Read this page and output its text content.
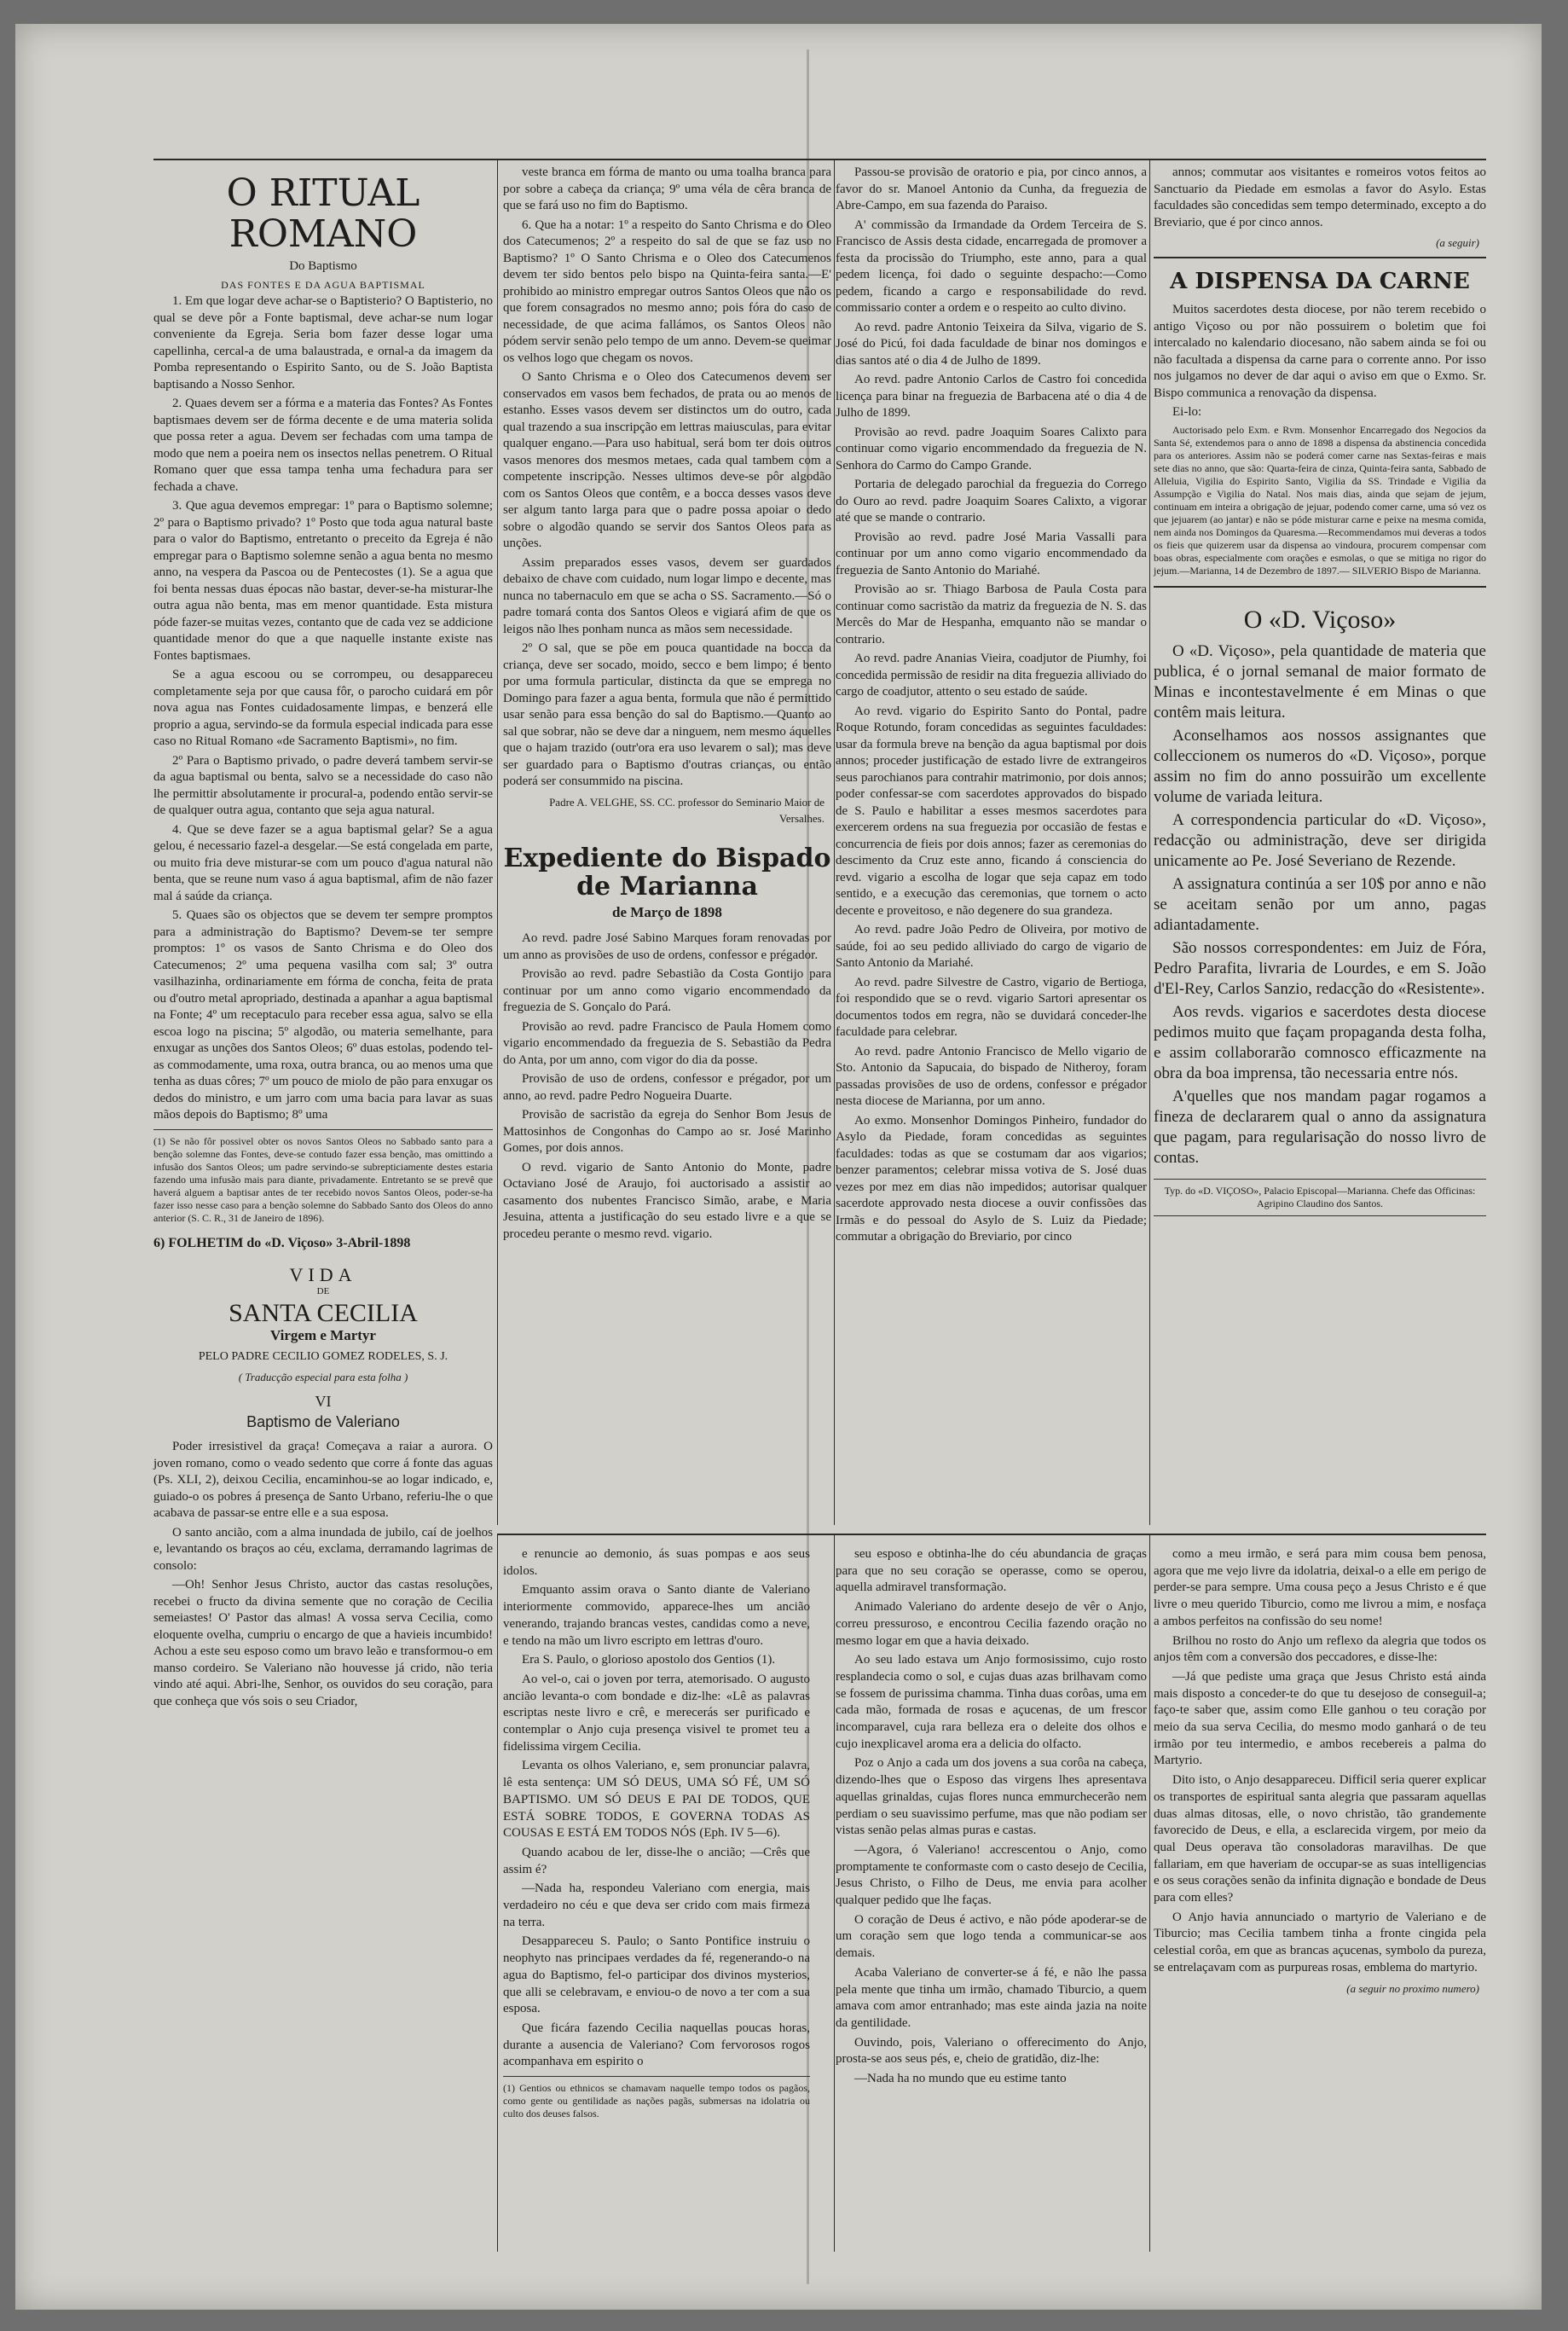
O RITUAL ROMANO
Do Baptismo
DAS FONTES E DA AGUA BAPTISMAL

1. Em que logar deve achar-se o Baptisterio? O Baptisterio, no qual se deve pôr a Fonte baptismal, deve achar-se num logar conveniente da Egreja. Seria bom fazer desse logar uma capellinha, cercal-a de uma balaustrada, e ornal-a da imagem da Pomba representando o Espirito Santo, ou de S. João Baptista baptisando a Nosso Senhor.

2. Quaes devem ser a fórma e a materia das Fontes? As Fontes baptismaes devem ser de fórma decente e de uma materia solida que possa reter a agua. Devem ser fechadas com uma tampa de modo que nem a poeira nem os insectos nellas penetrem. O Ritual Romano quer que essa tampa tenha uma fechadura para ser fechada a chave.

3. Que agua devemos empregar: 1º para o Baptismo solemne; 2º para o Baptismo privado? 1º Posto que toda agua natural baste para o valor do Baptismo, entretanto o preceito da Egreja é não empregar para o Baptismo solemne senão a agua benta no mesmo anno, na vespera da Pascoa ou de Pentecostes (1). Se a agua que foi benta nessas duas épocas não bastar, dever-se-ha misturar-lhe outra agua não benta, mas em menor quantidade. Esta mistura póde fazer-se muitas vezes, contanto que de cada vez se addicione quantidade menor do que a que naquelle instante existe nas Fontes baptismaes.

Se a agua escoou ou se corrompeu, ou desappareceu completamente seja por que causa fôr, o parocho cuidará em pôr nova agua nas Fontes cuidadosamente limpas, e benzerá elle proprio a agua, servindo-se da formula especial indicada para esse caso no Ritual Romano «de Sacramento Baptismi», no fim.

2º Para o Baptismo privado, o padre deverá tambem servir-se da agua baptismal ou benta, salvo se a necessidade do caso não lhe permittir absolutamente ir procural-a, podendo então servir-se de qualquer outra agua, contanto que seja agua natural.

4. Que se deve fazer se a agua baptismal gelar? Se a agua gelou, é necessario fazel-a desgelar.—Se está congelada em parte, ou muito fria deve misturar-se com um pouco d'agua natural não benta, que se reune num vaso á agua baptismal, afim de não fazer mal á saúde da criança.

5. Quaes são os objectos que se devem ter sempre promptos para a administração do Baptismo? Devem-se ter sempre promptos: 1º os vasos de Santo Chrisma e do Oleo dos Catecumenos; 2º uma pequena vasilha com sal; 3º outra vasilhazinha, ordinariamente em fórma de concha, feita de prata ou d'outro metal apropriado, destinada a apanhar a agua baptismal na Fonte; 4º um receptaculo para receber essa agua, salvo se ella escoa logo na piscina; 5º algodão, ou materia semelhante, para enxugar as unções dos Santos Oleos; 6º duas estolas, podendo tel-as commodamente, uma roxa, outra branca, ou ao menos uma que tenha as duas côres; 7º um pouco de miolo de pão para enxugar os dedos do ministro, e um jarro com uma bacia para lavar as suas mãos depois do Baptismo; 8º uma

(1) Se não fôr possivel obter os novos Santos Oleos no Sabbado santo para a benção solemne das Fontes, deve-se contudo fazer essa benção, mas omittindo a infusão dos Santos Oleos; um padre servindo-se subrepticiamente destes estaria fazendo uma infusão mais para diante, privadamente. Entretanto se se prevê que haverá alguem a baptisar antes de ter recebido novos Santos Oleos, poder-se-ha fazer isso nesse caso para a benção solemne do Sabbado Santo dos Oleos do anno anterior (S. C. R., 31 de Janeiro de 1896).
6) FOLHETIM do «D. Viçoso» 3-Abril-1898
VIDA
DE
SANTA CECILIA
Virgem e Martyr
PELO PADRE CECILIO GOMEZ RODELES, S. J.
( Traducção especial para esta folha )
VI
Baptismo de Valeriano

Poder irresistivel da graça! Começava a raiar a aurora. O joven romano, como o veado sedento que corre á fonte das aguas (Ps. XLI, 2), deixou Cecilia, encaminhou-se ao logar indicado, e, guiado-o os pobres á presença de Santo Urbano, referiu-lhe o que acabava de passar-se entre elle e a sua esposa.

O santo ancião, com a alma inundada de jubilo, caí de joelhos e, levantando os braços ao céu, exclama, derramando lagrimas de consolo:

—Oh! Senhor Jesus Christo, auctor das castas resoluções, recebei o fructo da divina semente que no coração de Cecilia semeiastes! O' Pastor das almas! A vossa serva Cecilia, como eloquente ovelha, cumpriu o encargo de que a havieis incumbido! Achou a este seu esposo como um bravo leão e transformou-o em manso cordeiro. Se Valeriano não houvesse já crido, não teria vindo até aqui. Abri-lhe, Senhor, os ouvidos do seu coração, para que conheça que vós sois o seu Criador,

veste branca em fórma de manto ou uma toalha branca para por sobre a cabeça da criança; 9º uma véla de cêra branca de que se fará uso no fim do Baptismo.

6. Que ha a notar: 1º a respeito do Santo Chrisma e do Oleo dos Catecumenos; 2º a respeito do sal de que se faz uso no Baptismo? 1º O Santo Chrisma e o Oleo dos Catecumenos devem ter sido bentos pelo bispo na Quinta-feira santa.—E' prohibido ao ministro empregar outros Santos Oleos que não os que forem consagrados no mesmo anno; pois fóra do caso de necessidade, de que acima fallámos, os Santos Oleos não pódem servir senão pelo tempo de um anno. Devem-se queimar os velhos logo que chegam os novos.

O Santo Chrisma e o Oleo dos Catecumenos devem ser conservados em vasos bem fechados, de prata ou ao menos de estanho. Esses vasos devem ser distinctos um do outro, cada qual trazendo a sua inscripção em lettras maiusculas, para evitar qualquer engano.—Para uso habitual, será bom ter dois outros vasos menores dos mesmos metaes, cada qual tambem com a competente inscripção. Nesses ultimos deve-se pôr algodão com os Santos Oleos que contêm, e a bocca desses vasos deve ser algum tanto larga para que o padre possa apoiar o dedo sobre o algodão quando se servir dos Santos Oleos para as unções.

Assim preparados esses vasos, devem ser guardados debaixo de chave com cuidado, num logar limpo e decente, mas nunca no tabernaculo em que se acha o SS. Sacramento.—Só o padre tomará conta dos Santos Oleos e vigiará afim de que os leigos não lhes ponham nunca as mãos sem necessidade.

2º O sal, que se põe em pouca quantidade na bocca da criança, deve ser socado, moido, secco e bem limpo; é bento por uma formula particular, distincta da que se emprega no Domingo para fazer a agua benta, formula que não é permittido usar senão para essa benção do sal do Baptismo.—Quanto ao sal que sobrar, não se deve dar a ninguem, nem mesmo áquelles que o hajam trazido (outr'ora era uso levarem o sal); mas deve ser guardado para o Baptismo d'outras crianças, ou então poderá ser consummido na piscina.

Padre A. VELGHE, SS. CC. professor do Seminario Maior de Versalhes.
Expediente do Bispado de Marianna
de Março de 1898

Ao revd. padre José Sabino Marques foram renovadas por um anno as provisões de uso de ordens, confessor e prégador.

Provisão ao revd. padre Sebastião da Costa Gontijo para continuar por um anno como vigario encommendado da freguezia de S. Gonçalo do Pará.

Provisão ao revd. padre Francisco de Paula Homem como vigario encommendado da freguezia de S. Sebastião da Pedra do Anta, por um anno, com vigor do dia da posse.

Provisão de uso de ordens, confessor e prégador, por um anno, ao revd. padre Pedro Nogueira Duarte.

Provisão de sacristão da egreja do Senhor Bom Jesus de Mattosinhos de Congonhas do Campo ao sr. José Marinho Gomes, por dois annos.

O revd. vigario de Santo Antonio do Monte, padre Octaviano José de Araujo, foi auctorisado a assistir ao casamento dos nubentes Francisco Simão, arabe, e Maria Jesuina, attenta a justificação do seu estado livre e a que se procedeu perante o mesmo revd. vigario.

Passou-se provisão de oratorio e pia, por cinco annos, a favor do sr. Manoel Antonio da Cunha, da freguezia de Abre-Campo, em sua fazenda do Paraiso.

A' commissão da Irmandade da Ordem Terceira de S. Francisco de Assis desta cidade, encarregada de promover a festa da procissão do Triumpho, este anno, para a qual pedem licença, foi dado o seguinte despacho:—Como pedem, ficando a cargo e responsabilidade do revd. commissario conter a ordem e o respeito ao culto divino.

Ao revd. padre Antonio Teixeira da Silva, vigario de S. José do Picú, foi dada faculdade de binar nos domingos e dias santos até o dia 4 de Julho de 1899.

Ao revd. padre Antonio Carlos de Castro foi concedida licença para binar na freguezia de Barbacena até o dia 4 de Julho de 1899.

Provisão ao revd. padre Joaquim Soares Calixto para continuar como vigario encommendado da freguezia de N. Senhora do Carmo do Campo Grande.

Portaria de delegado parochial da freguezia do Corrego do Ouro ao revd. padre Joaquim Soares Calixto, a vigorar até que se mande o contrario.

Provisão ao revd. padre José Maria Vassalli para continuar por um anno como vigario encommendado da freguezia de Santo Antonio do Mariahé.

Provisão ao sr. Thiago Barbosa de Paula Costa para continuar como sacristão da matriz da freguezia de N. S. das Mercês do Mar de Hespanha, emquanto não se mandar o contrario.

Ao revd. padre Ananias Vieira, coadjutor de Piumhy, foi concedida permissão de residir na dita freguezia alliviado do cargo de coadjutor, attento o seu estado de saúde.

Ao revd. vigario do Espirito Santo do Pontal, padre Roque Rotundo, foram concedidas as seguintes faculdades: usar da formula breve na benção da agua baptismal por dois annos; proceder justificação de estado livre de extrangeiros seus parochianos para contrahir matrimonio, por dois annos; poder confessar-se com sacerdotes approvados do bispado de S. Paulo e habilitar a esses mesmos sacerdotes para exercerem ordens na sua freguezia por occasião de festas e concurrencia de fieis por dois annos; fazer as ceremonias do descimento da Cruz este anno, ficando á consciencia do revd. vigario a escolha de logar que seja capaz em todo sentido, e a execução das ceremonias, que tornem o acto decente e proveitoso, e não degenere do sua grandeza.

Ao revd. padre João Pedro de Oliveira, por motivo de saúde, foi ao seu pedido alliviado do cargo de vigario de Santo Antonio da Mariahé.

Ao revd. padre Silvestre de Castro, vigario de Bertioga, foi respondido que se o revd. vigario Sartori apresentar os documentos todos em regra, não se duvidará conceder-lhe faculdade para celebrar.

Ao revd. padre Antonio Francisco de Mello vigario de Sto. Antonio da Sapucaia, do bispado de Nitheroy, foram passadas provisões de uso de ordens, confessor e prégador nesta diocese de Marianna, por um anno.

Ao exmo. Monsenhor Domingos Pinheiro, fundador do Asylo da Piedade, foram concedidas as seguintes faculdades: todas as que se costumam dar aos vigarios; benzer paramentos; celebrar missa votiva de S. José duas vezes por mez em dias não impedidos; autorisar qualquer sacerdote approvado nesta diocese a ouvir confissões das Irmãs e do pessoal do Asylo de S. Luiz da Piedade; commutar a obrigação do Breviario, por cinco

annos; commutar aos visitantes e romeiros votos feitos ao Sanctuario da Piedade em esmolas a favor do Asylo. Estas faculdades são concedidas sem tempo determinado, excepto a do Breviario, que é por cinco annos.

(a seguir)
A DISPENSA DA CARNE

Muitos sacerdotes desta diocese, por não terem recebido o antigo Viçoso ou por não possuirem o boletim que foi intercalado no kalendario diocesano, não sabem ainda se foi ou não facultada a dispensa da carne para o corrente anno. Por isso nos julgamos no dever de dar aqui o aviso em que o Exmo. Sr. Bispo communica a renovação da dispensa.

Ei-lo:

Auctorisado pelo Exm. e Rvm. Monsenhor Encarregado dos Negocios da Santa Sé, extendemos para o anno de 1898 a dispensa da abstinencia concedida para os anteriores. Assim não se poderá comer carne nas Sextas-feiras e mais sete dias no anno, que são: Quarta-feira de cinza, Quinta-feira santa, Sabbado de Alleluia, Vigilia do Espirito Santo, Vigilia da SS. Trindade e Vigilia da Assumpção e Vigilia do Natal. Nos mais dias, ainda que sejam de jejum, continuam em inteira a obrigação de jejuar, podendo comer carne, uma só vez os que jejuarem (ao jantar) e não se póde misturar carne e peixe na mesma comida, nem ainda nos Domingos da Quaresma.—Recommendamos mui deveras a todos os fieis que quizerem usar da dispensa ao vindoura, procurem compensar com boas obras, especialmente com orações e esmolas, o que se mitiga no rigor do jejum.—Marianna, 14 de Dezembro de 1897.— SILVERIO Bispo de Marianna.

O «D. Viçoso»

O «D. Viçoso», pela quantidade de materia que publica, é o jornal semanal de maior formato de Minas e incontestavelmente é em Minas o que contêm mais leitura.

Aconselhamos aos nossos assignantes que colleccionem os numeros do «D. Viçoso», porque assim no fim do anno possuirão um excellente volume de variada leitura.

A correspondencia particular do «D. Viçoso», redacção ou administração, deve ser dirigida unicamente ao Pe. José Severiano de Rezende.

A assignatura continúa a ser 10$ por anno e não se aceitam senão por um anno, pagas adiantadamente.

São nossos correspondentes: em Juiz de Fóra, Pedro Parafita, livraria de Lourdes, e em S. João d'El-Rey, Carlos Sanzio, redacção do «Resistente».

Aos revds. vigarios e sacerdotes desta diocese pedimos muito que façam propaganda desta folha, e assim collaborarão comnosco efficazmente na obra da boa imprensa, tão necessaria entre nós.

A'quelles que nos mandam pagar rogamos a fineza de declararem qual o anno da assignatura que pagam, para regularisação do nosso livro de contas.

Typ. do «D. VIÇOSO», Palacio Episcopal—Marianna. Chefe das Officinas: Agripino Claudino dos Santos.

e renuncie ao demonio, ás suas pompas e aos seus idolos.

Emquanto assim orava o Santo diante de Valeriano interiormente commovido, apparece-lhes um ancião venerando, trajando brancas vestes, candidas como a neve, e tendo na mão um livro escripto em lettras d'ouro.

Era S. Paulo, o glorioso apostolo dos Gentios (1).

Ao vel-o, cai o joven por terra, atemorisado. O augusto ancião levanta-o com bondade e diz-lhe: «Lê as palavras escriptas neste livro e crê, e merecerás ser purificado e contemplar o Anjo cuja presença visivel te promet teu a fidelissima virgem Cecilia.

Levanta os olhos Valeriano, e, sem pronunciar palavra, lê esta sentença: UM SÓ DEUS, UMA SÓ FÉ, UM SÓ BAPTISMO. UM SÓ DEUS E PAI DE TODOS, QUE ESTÁ SOBRE TODOS, E GOVERNA TODAS AS COUSAS E ESTÁ EM TODOS NÓS (Eph. IV 5—6).

Quando acabou de ler, disse-lhe o ancião; —Crês que assim é?

—Nada ha, respondeu Valeriano com energia, mais verdadeiro no céu e que deva ser crido com mais firmeza na terra.

Desappareceu S. Paulo; o Santo Pontifice instruiu o neophyto nas principaes verdades da fé, regenerando-o na agua do Baptismo, fel-o participar dos divinos mysterios, que alli se celebravam, e enviou-o de novo a ter com a sua esposa.

Que ficára fazendo Cecilia naquellas poucas horas, durante a ausencia de Valeriano? Com fervorosos rogos acompanhava em espirito o

(1) Gentios ou ethnicos se chamavam naquelle tempo todos os pagãos, como gente ou gentilidade as nações pagãs, submersas na idolatria ou culto dos deuses falsos.

seu esposo e obtinha-lhe do céu abundancia de graças para que no seu coração se operasse, como se operou, aquella admiravel transformação.

Animado Valeriano do ardente desejo de vêr o Anjo, correu pressuroso, e encontrou Cecilia fazendo oração no mesmo logar em que a havia deixado.

Ao seu lado estava um Anjo formosissimo, cujo rosto resplandecia como o sol, e cujas duas azas brilhavam como se fossem de purissima chamma. Tinha duas corôas, uma em cada mão, formada de rosas e açucenas, de um frescor incomparavel, cuja rara belleza era o deleite dos olhos e cujo inexplicavel aroma era a delicia do olfacto.

Poz o Anjo a cada um dos jovens a sua corôa na cabeça, dizendo-lhes que o Esposo das virgens lhes apresentava aquellas grinaldas, cujas flores nunca emmurchecerão nem perdiam o seu suavissimo perfume, mas que não podiam ser vistas senão pelas almas puras e castas.

—Agora, ó Valeriano! accrescentou o Anjo, como promptamente te conformaste com o casto desejo de Cecilia, Jesus Christo, o Filho de Deus, me envia para acolher qualquer pedido que lhe faças.

O coração de Deus é activo, e não póde apoderar-se de um coração sem que logo tenda a communicar-se aos demais.

Acaba Valeriano de converter-se á fé, e não lhe passa pela mente que tinha um irmão, chamado Tiburcio, a quem amava com amor entranhado; mas este ainda jazia na noite da gentilidade.

Ouvindo, pois, Valeriano o offerecimento do Anjo, prosta-se aos seus pés, e, cheio de gratidão, diz-lhe:

—Nada ha no mundo que eu estime tanto

como a meu irmão, e será para mim cousa bem penosa, agora que me vejo livre da idolatria, deixal-o a elle em perigo de perder-se para sempre. Uma cousa peço a Jesus Christo e é que livre o meu querido Tiburcio, como me livrou a mim, e nosfaça a ambos perfeitos na confissão do seu nome!

Brilhou no rosto do Anjo um reflexo da alegria que todos os anjos têm com a conversão dos peccadores, e disse-lhe:

—Já que pediste uma graça que Jesus Christo está ainda mais disposto a conceder-te do que tu desejoso de conseguil-a; faço-te saber que, assim como Elle ganhou o teu coração por meio da sua serva Cecilia, do mesmo modo ganhará o de teu irmão por teu intermedio, e ambos recebereis a palma do Martyrio.

Dito isto, o Anjo desappareceu. Difficil seria querer explicar os transportes de espiritual santa alegria que passaram aquellas duas almas ditosas, elle, o novo christão, tão grandemente favorecido de Deus, e ella, a esclarecida virgem, por meio da qual Deus operava tão consoladoras maravilhas. De que fallariam, em que haveriam de occupar-se as suas intelligencias e os seus corações senão da infinita dignação e bondade de Deus para com elles?

O Anjo havia annunciado o martyrio de Valeriano e de Tiburcio; mas Cecilia tambem tinha a fronte cingida pela celestial corôa, em que as brancas açucenas, symbolo da pureza, se entrelaçavam com as purpureas rosas, emblema do martyrio.

(a seguir no proximo numero)
